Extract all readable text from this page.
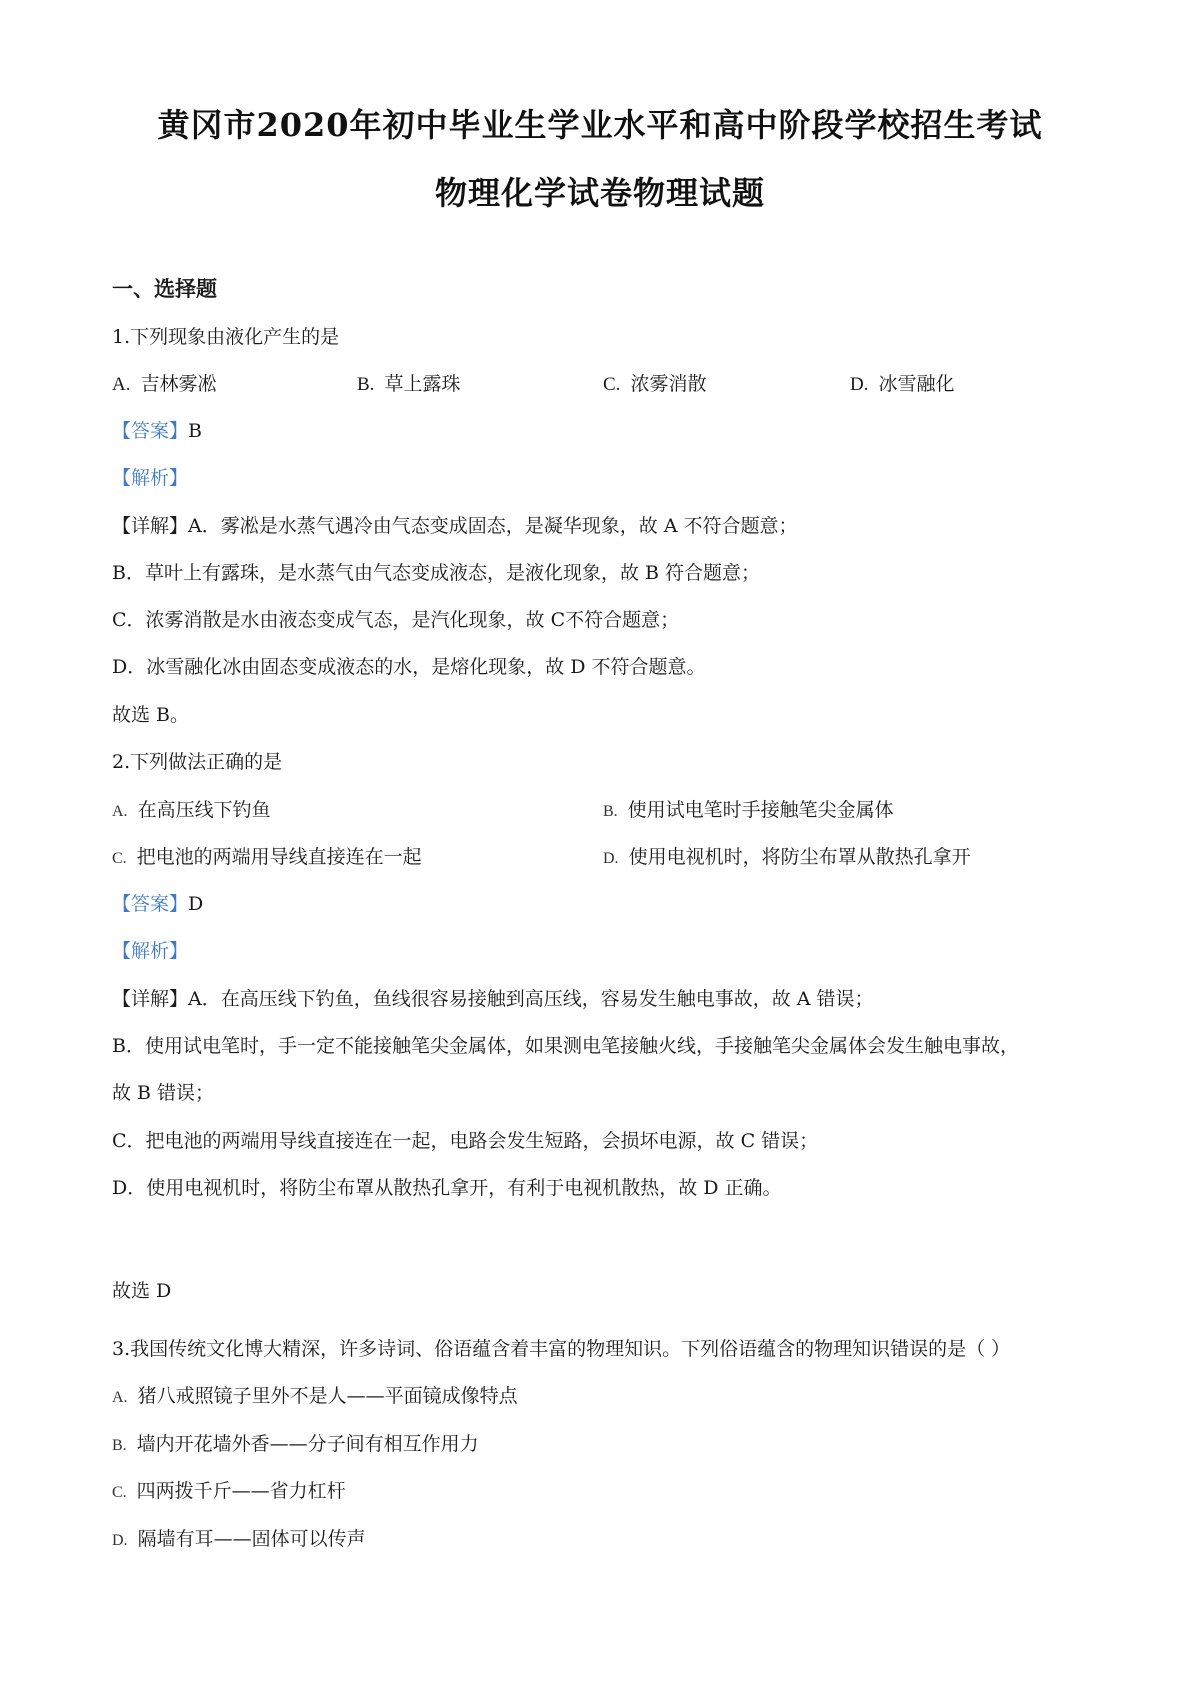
黄冈市2020年初中毕业生学业水平和高中阶段学校招生考试
物理化学试卷物理试题
一、选择题
1.下列现象由液化产生的是
A. 吉林雾凇	B. 草上露珠	C. 浓雾消散	D. 冰雪融化
【答案】B
【解析】
【详解】A．雾凇是水蒸气遇冷由气态变成固态，是凝华现象，故 A 不符合题意；
B．草叶上有露珠，是水蒸气由气态变成液态，是液化现象，故 B 符合题意；
C．浓雾消散是水由液态变成气态，是汽化现象，故 C不符合题意；
D．冰雪融化冰由固态变成液态的水，是熔化现象，故 D 不符合题意。
故选 B。
2.下列做法正确的是
A. 在高压线下钓鱼	B. 使用试电笔时手接触笔尖金属体
C. 把电池的两端用导线直接连在一起	D. 使用电视机时，将防尘布罩从散热孔拿开
【答案】D
【解析】
【详解】A．在高压线下钓鱼，鱼线很容易接触到高压线，容易发生触电事故，故 A 错误；
B．使用试电笔时，手一定不能接触笔尖金属体，如果测电笔接触火线，手接触笔尖金属体会发生触电事故，
故 B 错误；
C．把电池的两端用导线直接连在一起，电路会发生短路，会损坏电源，故 C 错误；
D．使用电视机时，将防尘布罩从散热孔拿开，有利于电视机散热，故 D 正确。
故选 D
3.我国传统文化博大精深，许多诗词、俗语蕴含着丰富的物理知识。下列俗语蕴含的物理知识错误的是（ ）
A. 猪八戒照镜子里外不是人——平面镜成像特点
B. 墙内开花墙外香——分子间有相互作用力
C. 四两拨千斤——省力杠杆
D. 隔墙有耳——固体可以传声
